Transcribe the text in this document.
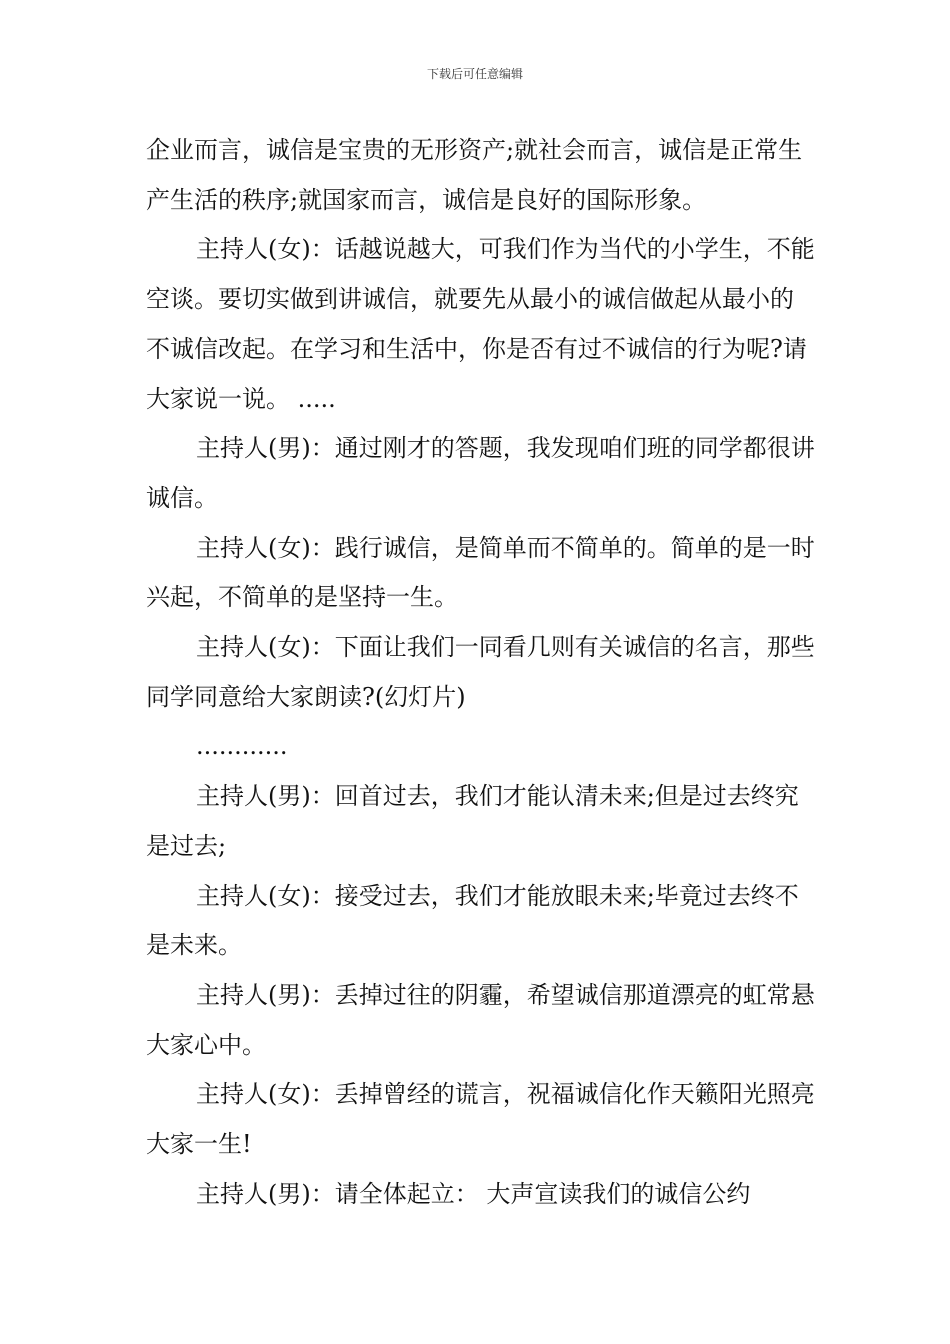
下载后可任意编辑

企业而言，诚信是宝贵的无形资产;就社会而言，诚信是正常生产生活的秩序;就国家而言，诚信是良好的国际形象。

主持人(女)：话越说越大，可我们作为当代的小学生，不能空谈。要切实做到讲诚信，就要先从最小的诚信做起从最小的不诚信改起。在学习和生活中，你是否有过不诚信的行为呢?请大家说一说。 .....

主持人(男)：通过刚才的答题，我发现咱们班的同学都很讲诚信。

主持人(女)：践行诚信，是简单而不简单的。简单的是一时兴起，不简单的是坚持一生。

主持人(女)：下面让我们一同看几则有关诚信的名言，那些同学同意给大家朗读?(幻灯片)

............

主持人(男)：回首过去，我们才能认清未来;但是过去终究是过去;

主持人(女)：接受过去，我们才能放眼未来;毕竟过去终不是未来。

主持人(男)：丢掉过往的阴霾，希望诚信那道漂亮的虹常悬大家心中。

主持人(女)：丢掉曾经的谎言，祝福诚信化作天籁阳光照亮大家一生!

主持人(男)：请全体起立： 大声宣读我们的诚信公约
